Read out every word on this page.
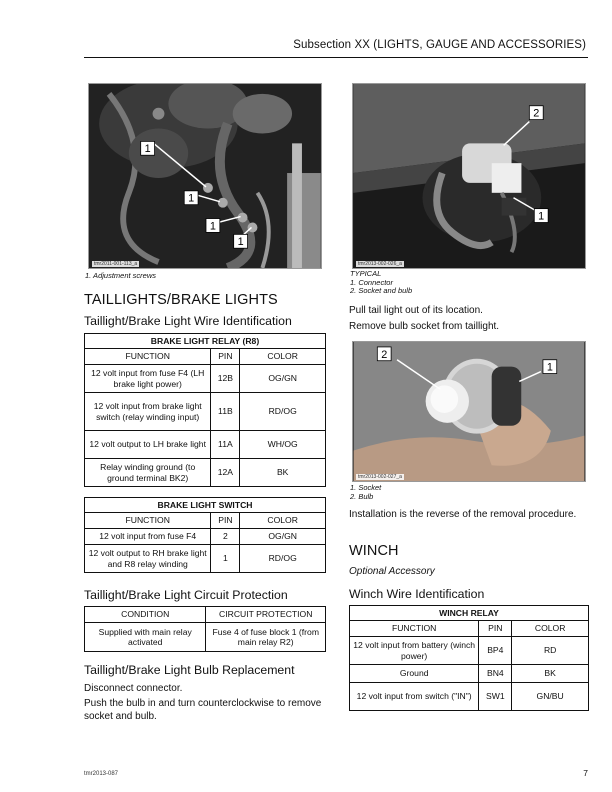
Subsection XX (LIGHTS, GAUGE AND ACCESSORIES)
1
1
1
1
tmr2011-001-113_a
1. Adjustment screws
2
1
tmr2013-002-026_a
TYPICAL
1. Connector
2. Socket and bulb
TAILLIGHTS/BRAKE LIGHTS
Taillight/Brake Light Wire Identification
BRAKE LIGHT RELAY (R8)		
FUNCTION	PIN	COLOR
12 volt input from fuse F4 (LH brake light power)	12B	OG/GN
12 volt input from brake light switch (relay winding input)	11B	RD/OG
12 volt output to LH brake light	11A	WH/OG
Relay winding ground (to ground terminal BK2)	12A	BK
BRAKE LIGHT SWITCH		
FUNCTION	PIN	COLOR
12 volt input from fuse F4	2	OG/GN
12 volt output to RH brake light and R8 relay winding	1	RD/OG
Taillight/Brake Light Circuit Protection
CONDITION	CIRCUIT PROTECTION
Supplied with main relay activated	Fuse 4 of fuse block 1 (from main relay R2)
Taillight/Brake Light Bulb Replacement

Disconnect connector.

Push the bulb in and turn counterclockwise to remove socket and bulb.

Pull tail light out of its location.

Remove bulb socket from taillight.

2
1
tmr2013-002-027_a
1. Socket
2. Bulb

Installation is the reverse of the removal procedure.

WINCH
Optional Accessory
Winch Wire Identification
WINCH RELAY		
FUNCTION	PIN	COLOR
12 volt input from battery (winch power)	BP4	RD
Ground	BN4	BK
12 volt input from switch ("IN")	SW1	GN/BU
tmr2013-087	7
